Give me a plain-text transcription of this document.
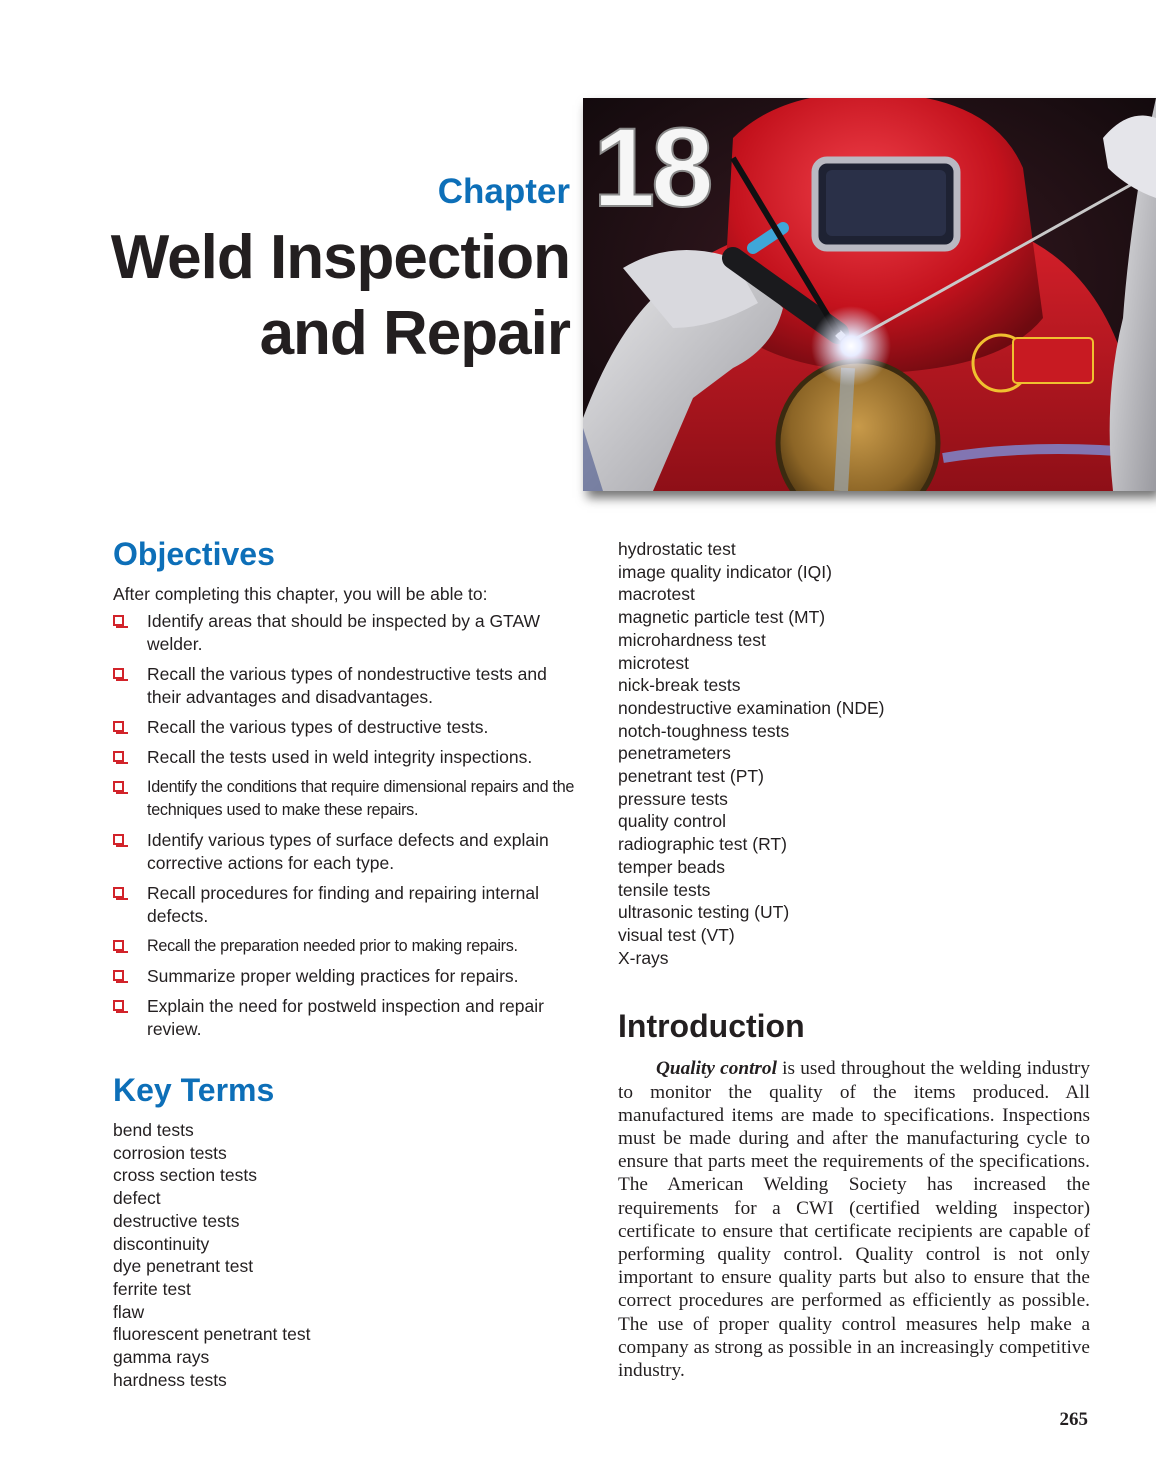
Chapter
Weld Inspection
and Repair
18
Objectives
After completing this chapter, you will be able to:
Identify areas that should be inspected by a GTAW welder.
Recall the various types of nondestructive tests and their advantages and disadvantages.
Recall the various types of destructive tests.
Recall the tests used in weld integrity inspections.
Identify the conditions that require dimensional repairs and the techniques used to make these repairs.
Identify various types of surface defects and explain corrective actions for each type.
Recall procedures for finding and repairing internal defects.
Recall the preparation needed prior to making repairs.
Summarize proper welding practices for repairs.
Explain the need for postweld inspection and repair review.
Key Terms
bend tests
corrosion tests
cross section tests
defect
destructive tests
discontinuity
dye penetrant test
ferrite test
flaw
fluorescent penetrant test
gamma rays
hardness tests
hydrostatic test
image quality indicator (IQI)
macrotest
magnetic particle test (MT)
microhardness test
microtest
nick-break tests
nondestructive examination (NDE)
notch-toughness tests
penetrameters
penetrant test (PT)
pressure tests
quality control
radiographic test (RT)
temper beads
tensile tests
ultrasonic testing (UT)
visual test (VT)
X-rays
Introduction

Quality control is used throughout the welding industry to monitor the quality of the items produced. All manufactured items are made to specifications. Inspections must be made during and after the manufacturing cycle to ensure that parts meet the requirements of the specifications. The American Welding Society has increased the requirements for a CWI (certified welding inspector) certificate to ensure that certificate recipients are capable of performing quality control. Quality control is not only important to ensure quality parts but also to ensure that the correct procedures are performed as efficiently as possible. The use of proper quality control measures help make a company as strong as possible in an increasingly competitive industry.

265
